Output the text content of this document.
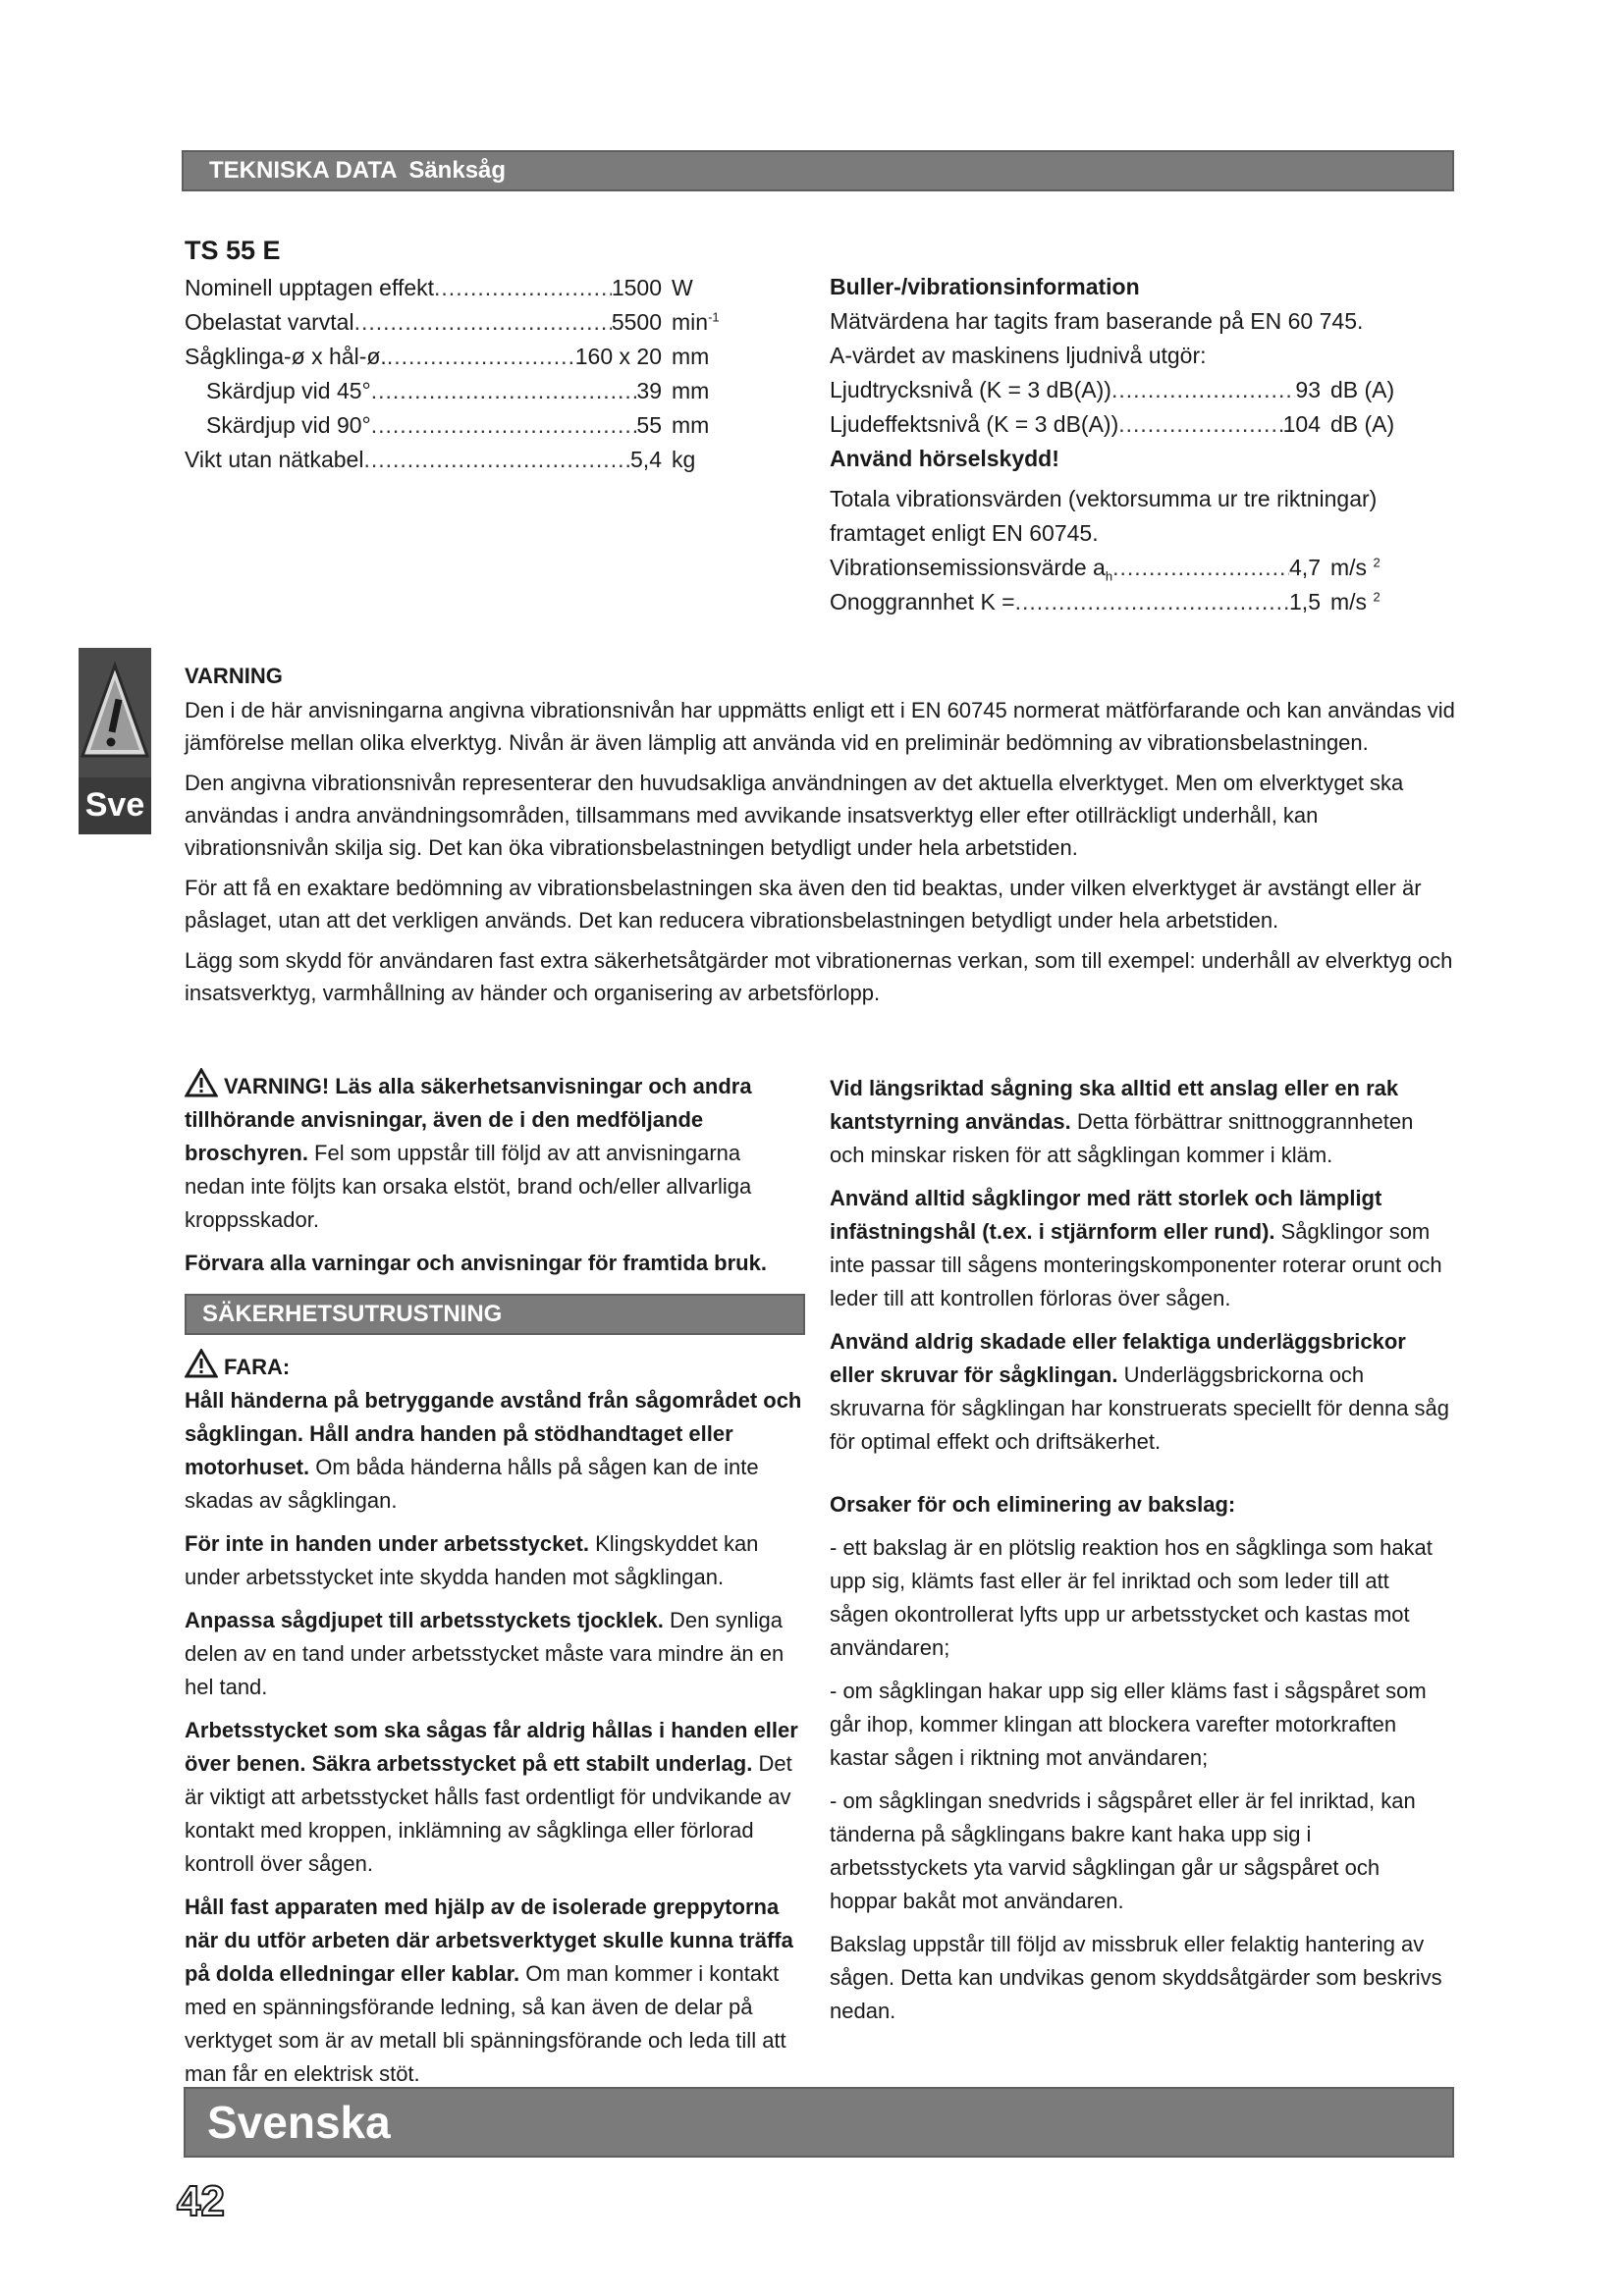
TEKNISKA DATA Sänksåg
TS 55 E
Nominell upptagen effekt .....	1500 W
Obelastat varvtal .....	5500 $\min^{-1}$
Sågklinga-ø x hål-ø. .....	160 x 20 mm
Skärdjup vid 45° .....	39 mm
Skärdjup vid 90° .....	55 mm
Vikt utan nätkabel .....	5,4 kg
Buller-/vibrationsinformation
Mätvärdena har tagits fram baserande på EN 60 745.
A-värdet av maskinens ljudnivå utgör:
Ljudtrycksnivå (K = 3 dB(A)) .....	93 dB (A)
Ljudeffektsnivå (K = 3 dB(A)) .....	104 dB (A)
Använd hörselskydd!
Totala vibrationsvärden (vektorsumma ur tre riktningar) framtaget enligt EN 60745.
Vibrationsemissionsvärde $a_h$ .....	4,7 m/s $^2$
Onoggrannhet K = .....	1,5 m/s $^2$
Sve
VARNING

Den i de här anvisningarna angivna vibrationsnivån har uppmätts enligt ett i EN 60745 normerat mätförfarande och kan användas vid jämförelse mellan olika elverktyg. Nivån är även lämplig att använda vid en preliminär bedömning av vibrationsbelastningen.

Den angivna vibrationsnivån representerar den huvudsakliga användningen av det aktuella elverktyget. Men om elverktyget ska användas i andra användningsområden, tillsammans med avvikande insatsverktyg eller efter otillräckligt underhåll, kan vibrationsnivån skilja sig. Det kan öka vibrationsbelastningen betydligt under hela arbetstiden.

För att få en exaktare bedömning av vibrationsbelastningen ska även den tid beaktas, under vilken elverktyget är avstängt eller är påslaget, utan att det verkligen används. Det kan reducera vibrationsbelastningen betydligt under hela arbetstiden.

Lägg som skydd för användaren fast extra säkerhetsåtgärder mot vibrationernas verkan, som till exempel: underhåll av elverktyg och insatsverktyg, varmhållning av händer och organisering av arbetsförlopp.

VARNING! Läs alla säkerhetsanvisningar och andra tillhörande anvisningar, även de i den medföljande broschyren. Fel som uppstår till följd av att anvisningarna nedan inte följts kan orsaka elstöt, brand och/eller allvarliga kroppsskador.

Förvara alla varningar och anvisningar för framtida bruk.

SÄKERHETSUTRUSTNING

FARA:

Håll händerna på betryggande avstånd från sågområdet och sågklingan. Håll andra handen på stödhandtaget eller motorhuset. Om båda händerna hålls på sågen kan de inte skadas av sågklingan.

För inte in handen under arbetsstycket. Klingskyddet kan under arbetsstycket inte skydda handen mot sågklingan.

Anpassa sågdjupet till arbetsstyckets tjocklek. Den synliga delen av en tand under arbetsstycket måste vara mindre än en hel tand.

Arbetsstycket som ska sågas får aldrig hållas i handen eller över benen. Säkra arbetsstycket på ett stabilt underlag. Det är viktigt att arbetsstycket hålls fast ordentligt för undvikande av kontakt med kroppen, inklämning av sågklinga eller förlorad kontroll över sågen.

Håll fast apparaten med hjälp av de isolerade greppytorna när du utför arbeten där arbetsverktyget skulle kunna träffa på dolda elledningar eller kablar. Om man kommer i kontakt med en spänningsförande ledning, så kan även de delar på verktyget som är av metall bli spänningsförande och leda till att man får en elektrisk stöt.

Vid längsriktad sågning ska alltid ett anslag eller en rak kantstyrning användas. Detta förbättrar snittnoggrannheten och minskar risken för att sågklingan kommer i kläm.

Använd alltid sågklingor med rätt storlek och lämpligt infästningshål (t.ex. i stjärnform eller rund). Sågklingor som inte passar till sågens monteringskomponenter roterar orunt och leder till att kontrollen förloras över sågen.

Använd aldrig skadade eller felaktiga underläggsbrickor eller skruvar för sågklingan. Underläggsbrickorna och skruvarna för sågklingan har konstruerats speciellt för denna såg för optimal effekt och driftsäkerhet.

Orsaker för och eliminering av bakslag:

- ett bakslag är en plötslig reaktion hos en sågklinga som hakat upp sig, klämts fast eller är fel inriktad och som leder till att sågen okontrollerat lyfts upp ur arbetsstycket och kastas mot användaren;

- om sågklingan hakar upp sig eller kläms fast i sågspåret som går ihop, kommer klingan att blockera varefter motorkraften kastar sågen i riktning mot användaren;

- om sågklingan snedvrids i sågspåret eller är fel inriktad, kan tänderna på sågklingans bakre kant haka upp sig i arbetsstyckets yta varvid sågklingan går ur sågspåret och hoppar bakåt mot användaren.

Bakslag uppstår till följd av missbruk eller felaktig hantering av sågen. Detta kan undvikas genom skyddsåtgärder som beskrivs nedan.

Svenska
42
